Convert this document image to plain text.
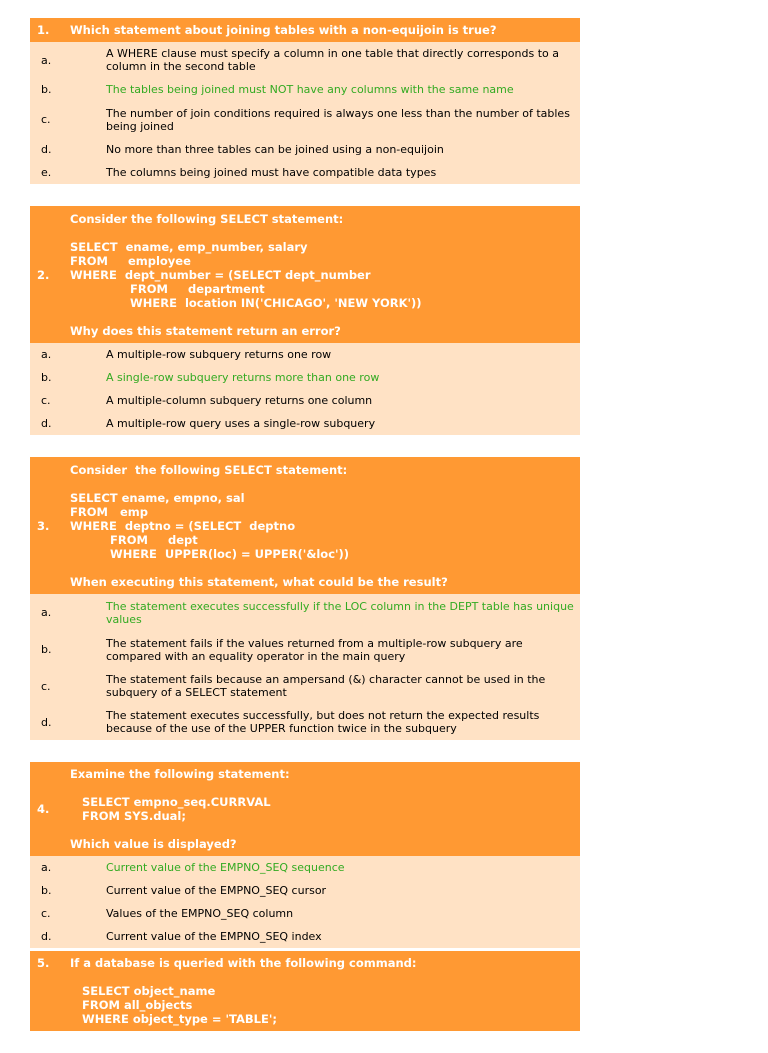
1.	Which statement about joining tables with a non-equijoin is true?
a.	A WHERE clause must specify a column in one table that directly corresponds to a column in the second table
b.	The tables being joined must NOT have any columns with the same name
c.	The number of join conditions required is always one less than the number of tables being joined
d.	No more than three tables can be joined using a non-equijoin
e.	The columns being joined must have compatible data types
2.
Consider the following SELECT statement:
SELECT  ename, emp_number, salary
FROM     employee
WHERE  dept_number = (SELECT dept_number
FROM     department
WHERE  location IN('CHICAGO', 'NEW YORK'))
Why does this statement return an error?
a.	A multiple-row subquery returns one row
b.	A single-row subquery returns more than one row
c.	A multiple-column subquery returns one column
d.	A multiple-row query uses a single-row subquery
3.
Consider  the following SELECT statement:
SELECT ename, empno, sal
FROM   emp
WHERE  deptno = (SELECT  deptno
FROM     dept
WHERE  UPPER(loc) = UPPER('&loc'))
When executing this statement, what could be the result?
a.	The statement executes successfully if the LOC column in the DEPT table has unique values
b.	The statement fails if the values returned from a multiple-row subquery are compared with an equality operator in the main query
c.	The statement fails because an ampersand (&) character cannot be used in the subquery of a SELECT statement
d.	The statement executes successfully, but does not return the expected results because of the use of the UPPER function twice in the subquery
4.
Examine the following statement:
SELECT empno_seq.CURRVAL
FROM SYS.dual;
Which value is displayed?
a.	Current value of the EMPNO_SEQ sequence
b.	Current value of the EMPNO_SEQ cursor
c.	Values of the EMPNO_SEQ column
d.	Current value of the EMPNO_SEQ index
5.	If a database is queried with the following command:
SELECT object_name
FROM all_objects
WHERE object_type = 'TABLE';
